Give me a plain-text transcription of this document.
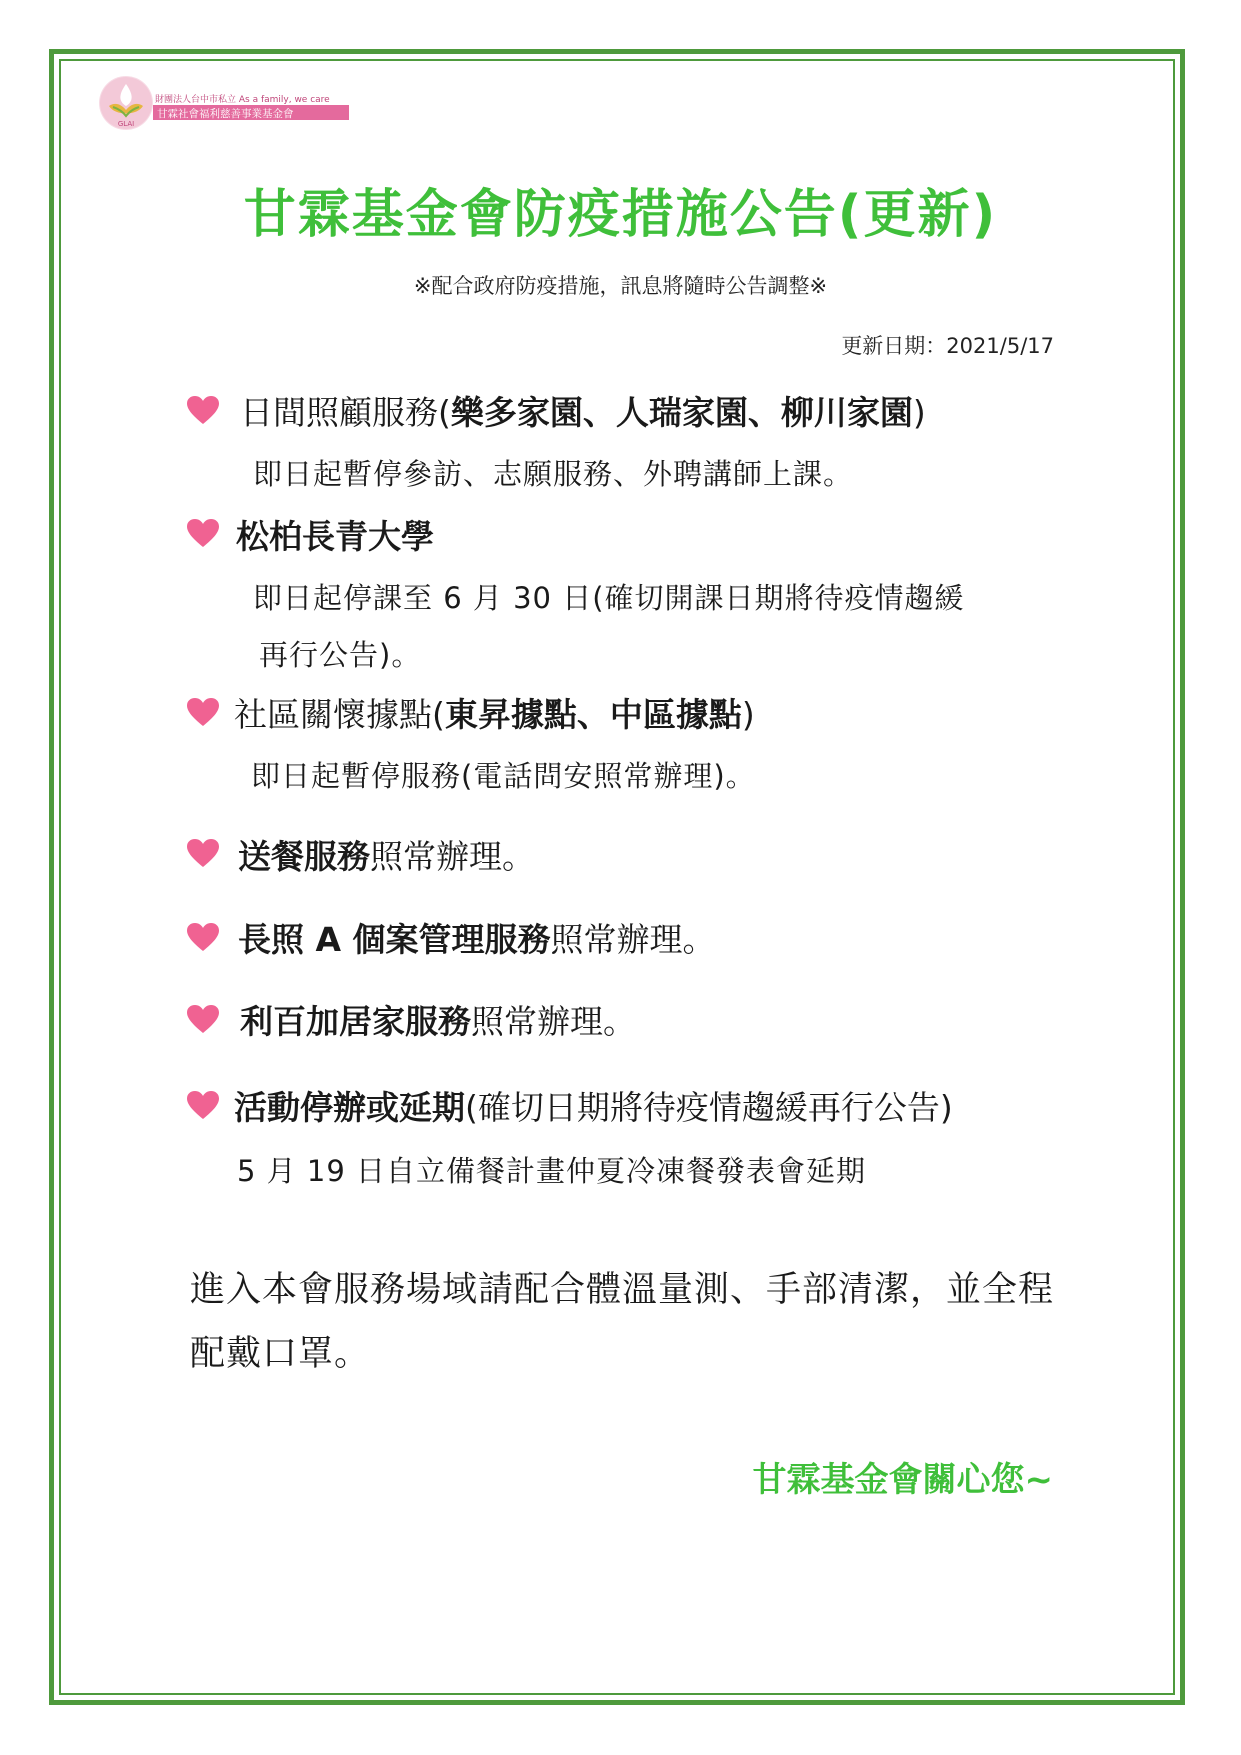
GLAI
財團法人台中市私立 As a family, we care
甘霖社會福利慈善事業基金會
甘霖基金會防疫措施公告(更新)
※配合政府防疫措施，訊息將隨時公告調整※
更新日期：2021/5/17
日間照顧服務(樂多家園、人瑞家園、柳川家園)
即日起暫停參訪、志願服務、外聘講師上課。
松柏長青大學
即日起停課至 6 月 30 日(確切開課日期將待疫情趨緩
再行公告)。
社區關懷據點(東昇據點、中區據點)
即日起暫停服務(電話問安照常辦理)。
送餐服務照常辦理。
長照 A 個案管理服務照常辦理。
利百加居家服務照常辦理。
活動停辦或延期(確切日期將待疫情趨緩再行公告)
5 月 19 日自立備餐計畫仲夏冷凍餐發表會延期
進入本會服務場域請配合體溫量測、手部清潔，並全程配戴口罩。
甘霖基金會關心您~
